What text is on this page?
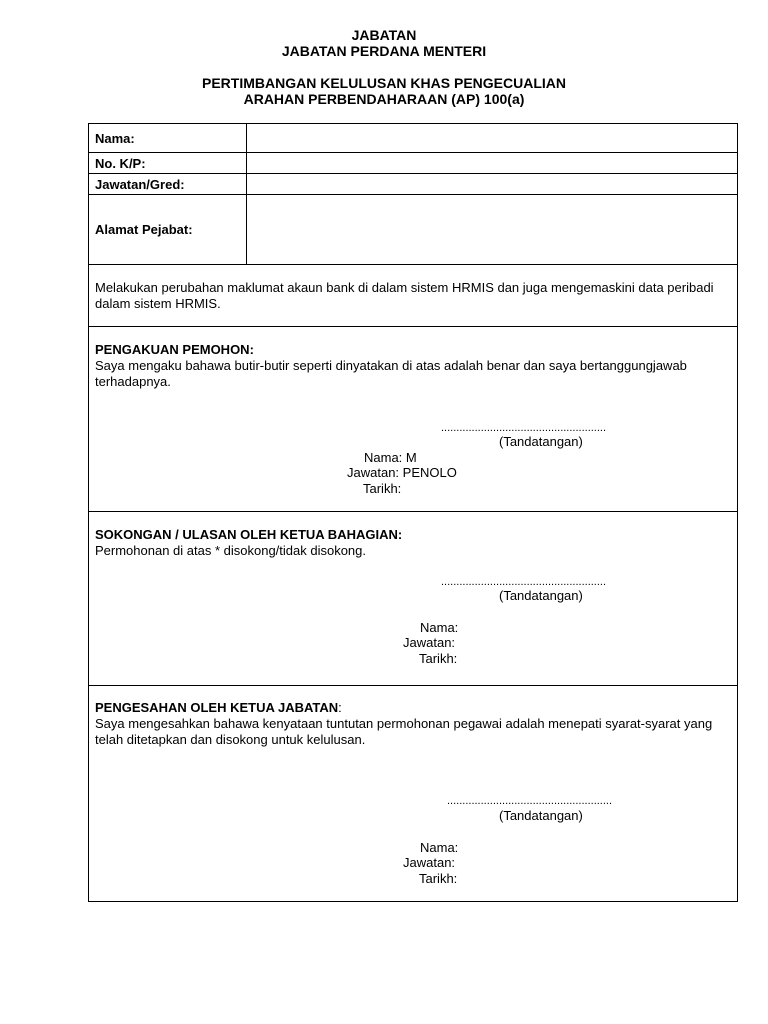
JABATAN
JABATAN PERDANA MENTERI
PERTIMBANGAN KELULUSAN KHAS PENGECUALIAN
ARAHAN PERBENDAHARAAN (AP) 100(a)
Nama:
No. K/P:
Jawatan/Gred:
Alamat Pejabat:
Melakukan perubahan maklumat akaun bank di dalam sistem HRMIS dan juga mengemaskini data peribadi dalam sistem HRMIS.
PENGAKUAN PEMOHON:
Saya mengaku bahawa butir-butir seperti dinyatakan di atas adalah benar dan saya bertanggungjawab terhadapnya.
......................................................
(Tandatangan)
Nama: M
Jawatan: PENOLO
Tarikh:
SOKONGAN / ULASAN OLEH KETUA BAHAGIAN:
Permohonan di atas * disokong/tidak disokong.
......................................................
(Tandatangan)
Nama:
Jawatan:
Tarikh:
PENGESAHAN OLEH KETUA JABATAN:
Saya mengesahkan bahawa kenyataan tuntutan permohonan pegawai adalah menepati syarat-syarat yang telah ditetapkan dan disokong untuk kelulusan.
......................................................
(Tandatangan)
Nama:
Jawatan:
Tarikh:
